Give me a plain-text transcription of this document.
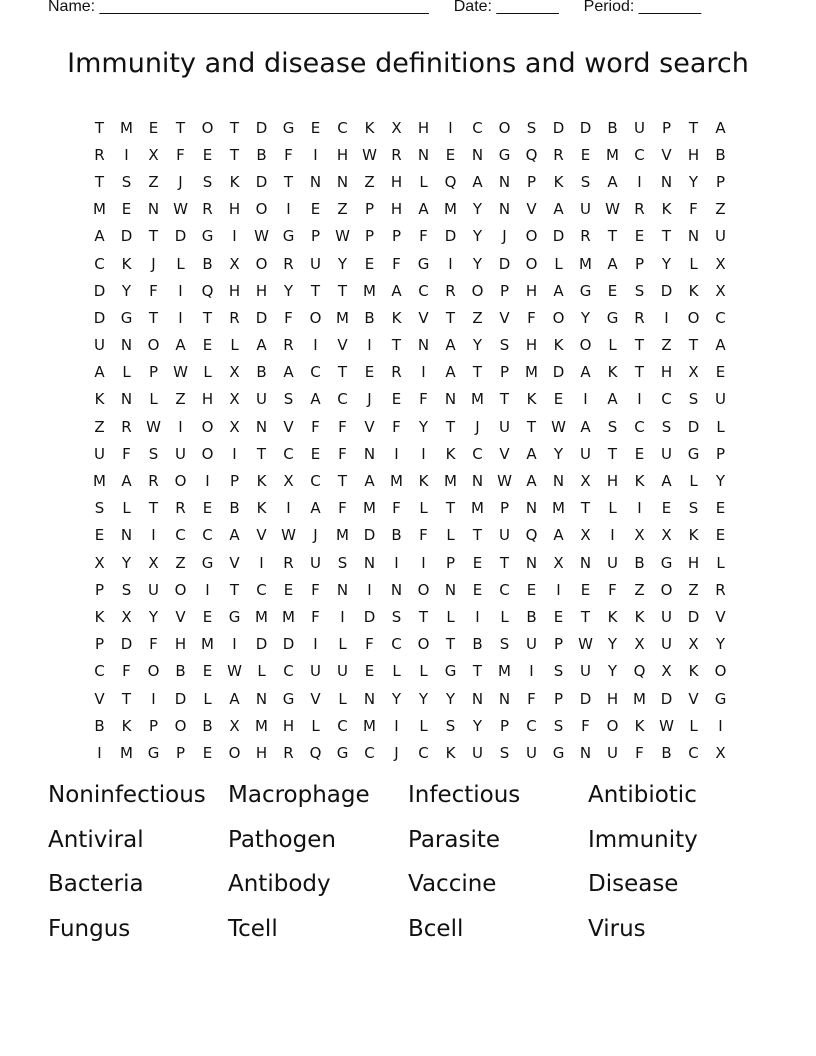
Name: _____________________________________ Date: _______ Period: _______
Immunity and disease definitions and word search
T	M	E	T	O	T	D	G	E	C	K	X	H	I	C	O	S	D	D	B	U	P	T	A
R	I	X	F	E	T	B	F	I	H W R	N	E	N	G	Q	R	E	M	C	V	H	B
T	S	Z	J	S	K	D	T	N	N	Z	H	L	Q	A	N	P	K	S	A	I	N	Y	P
M	E	N W R	H	O	I	E	Z	P	H	A	M	Y	N	V	A	U W R	K	F	Z
A	D	T	D	G	I	W G	P	W	P	P	F	D	Y	J	O	D	R	T	E	T	N	U
C	K	J	L	B	X	O	R	U	Y	E	F	G	I	Y	D	O	L	M	A	P	Y	L	X
D	Y	F	I	Q	H	H	Y	T	T	M	A	C	R	O	P	H	A	G	E	S	D	K	X
D	G	T	I	T	R	D	F	O M	B	K	V	T	Z	V	F	O	Y	G	R	I	O	C
U	N	O	A	E	L	A	R	I	V	I	T	N	A	Y	S	H	K	O	L	T	Z	T	A
A	L	P	W	L	X	B	A	C	T	E	R	I	A	T	P	M D	A	K	T	H	X	E
K	N	L	Z	H	X	U	S	A	C	J	E	F	N M	T	K	E	I	A	I	C	S	U
Z	R W	I	O	X	N	V	F	F	V	F	Y	T	J	U	T	W A	S	C	S	D	L
U	F	S	U	O	I	T	C	E	F	N	I	I	K	C	V	A	Y	U	T	E	U	G	P
M	A	R	O	I	P	K	X	C	T	A	M	K	M N W A	N	X	H	K	A	L	Y
S	L	T	R	E	B	K	I	A	F	M	F	L	T	M	P	N M	T	L	I	E	S	E
E	N	I	C	C	A	V W	J	M D	B	F	L	T	U	Q	A	X	I	X	X	K	E
X	Y	X	Z	G	V	I	R	U	S	N	I	I	P	E	T	N	X	N	U	B	G	H	L
P	S	U	O	I	T	C	E	F	N	I	N	O	N	E	C	E	I	E	F	Z	O	Z	R
K	X	Y	V	E	G M M	F	I	D	S	T	L	I	L	B	E	T	K	K	U	D	V
P	D	F	H M	I	D	D	I	L	F	C	O	T	B	S	U	P	W Y	X	U	X	Y
C	F	O	B	E W	L	C	U	U	E	L	L	G	T	M	I	S	U	Y	Q	X	K	O
V	T	I	D	L	A	N	G	V	L	N	Y	Y	Y	N	N	F	P	D	H M D	V	G
B	K	P	O	B	X	M H	L	C	M	I	L	S	Y	P	C	S	F	O	K W	L	I
I	M G	P	E	O	H	R	Q	G	C	J	C	K	U	S	U	G	N	U	F	B	C	X
Noninfectious Macrophage	Infectious	Antibiotic
Antiviral	Pathogen	Parasite	Immunity
Bacteria	Antibody	Vaccine	Disease
Fungus	Tcell	Bcell	Virus
